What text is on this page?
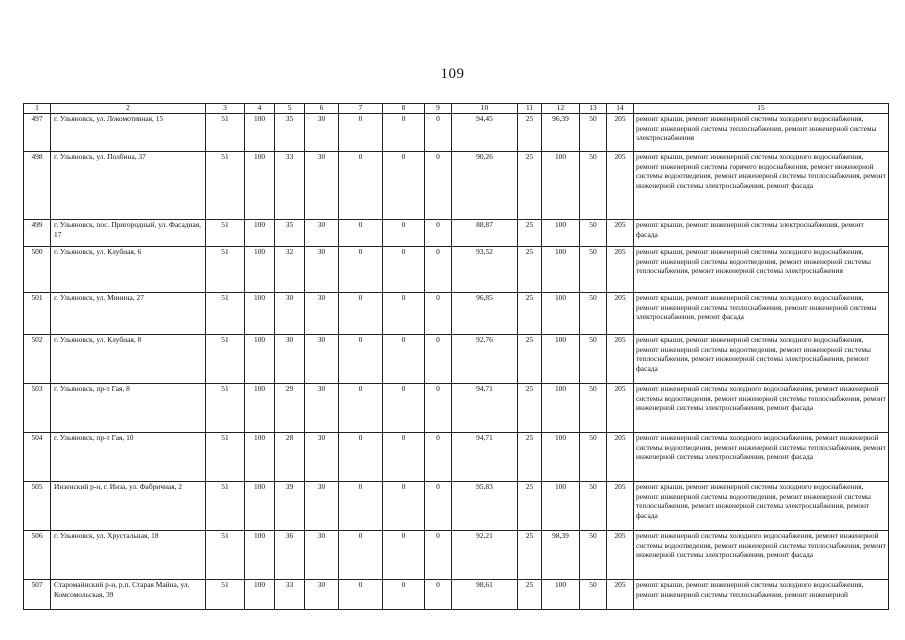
109
1	2	3	4	5	6	7	8	9	10	11	12	13	14	15
497	г. Ульяновск, ул. Локомотивная, 15	51	100	35	30	0	0	0	94,45	25	96,39	50	205	ремонт крыши, ремонт инженерной системы холодного водоснабжения, ремонт инженерной системы теплоснабжения, ремонт инженерной системы электроснабжения
498	г. Ульяновск, ул. Полбина, 37	51	100	33	30	0	0	0	90,26	25	100	50	205	ремонт крыши, ремонт инженерной системы холодного водоснабжения, ремонт инженерной системы горячего водоснабжения, ремонт инженерной системы водоотведения, ремонт инженерной системы теплоснабжения, ремонт инженерной системы электроснабжения, ремонт фасада
499	г. Ульяновск, пос. Пригородный, ул. Фасадная, 17	51	100	35	30	0	0	0	88,87	25	100	50	205	ремонт крыши, ремонт инженерной системы электроснабжения, ремонт фасада
500	г. Ульяновск, ул. Клубная, 6	51	100	32	30	0	0	0	93,52	25	100	50	205	ремонт крыши, ремонт инженерной системы холодного водоснабжения, ремонт инженерной системы водоотведения, ремонт инженерной системы теплоснабжения, ремонт инженерной системы электроснабжения
501	г. Ульяновск, ул. Минина, 27	51	100	30	30	0	0	0	96,85	25	100	50	205	ремонт крыши, ремонт инженерной системы холодного водоснабжения, ремонт инженерной системы теплоснабжения, ремонт инженерной системы электроснабжения, ремонт фасада
502	г. Ульяновск, ул. Клубная, 8	51	100	30	30	0	0	0	92,76	25	100	50	205	ремонт крыши, ремонт инженерной системы холодного водоснабжения, ремонт инженерной системы водоотведения, ремонт инженерной системы теплоснабжения, ремонт инженерной системы электроснабжения, ремонт фасада
503	г. Ульяновск, пр-т Гая, 8	51	100	29	30	0	0	0	94,71	25	100	50	205	ремонт инженерной системы холодного водоснабжения, ремонт инженерной системы водоотведения, ремонт инженерной системы теплоснабжения, ремонт инженерной системы электроснабжения, ремонт фасада
504	г. Ульяновск, пр-т Гая, 10	51	100	28	30	0	0	0	94,71	25	100	50	205	ремонт инженерной системы холодного водоснабжения, ремонт инженерной системы водоотведения, ремонт инженерной системы теплоснабжения, ремонт инженерной системы электроснабжения, ремонт фасада
505	Инзенский р-н, г. Инза, ул. Фабричная, 2	51	100	39	30	0	0	0	95,83	25	100	50	205	ремонт крыши, ремонт инженерной системы холодного водоснабжения, ремонт инженерной системы водоотведения, ремонт инженерной системы теплоснабжения, ремонт инженерной системы электроснабжения, ремонт фасада
506	г. Ульяновск, ул. Хрустальная, 18	51	100	36	30	0	0	0	92,21	25	98,39	50	205	ремонт инженерной системы холодного водоснабжения, ремонт инженерной системы водоотведения, ремонт инженерной системы теплоснабжения, ремонт инженерной системы электроснабжения, ремонт фасада
507	Старомайнский р-н, р.п. Старая Майна, ул. Комсомольская, 39	51	100	33	30	0	0	0	98,61	25	100	50	205	ремонт крыши, ремонт инженерной системы холодного водоснабжения, ремонт инженерной системы теплоснабжения, ремонт инженерной
